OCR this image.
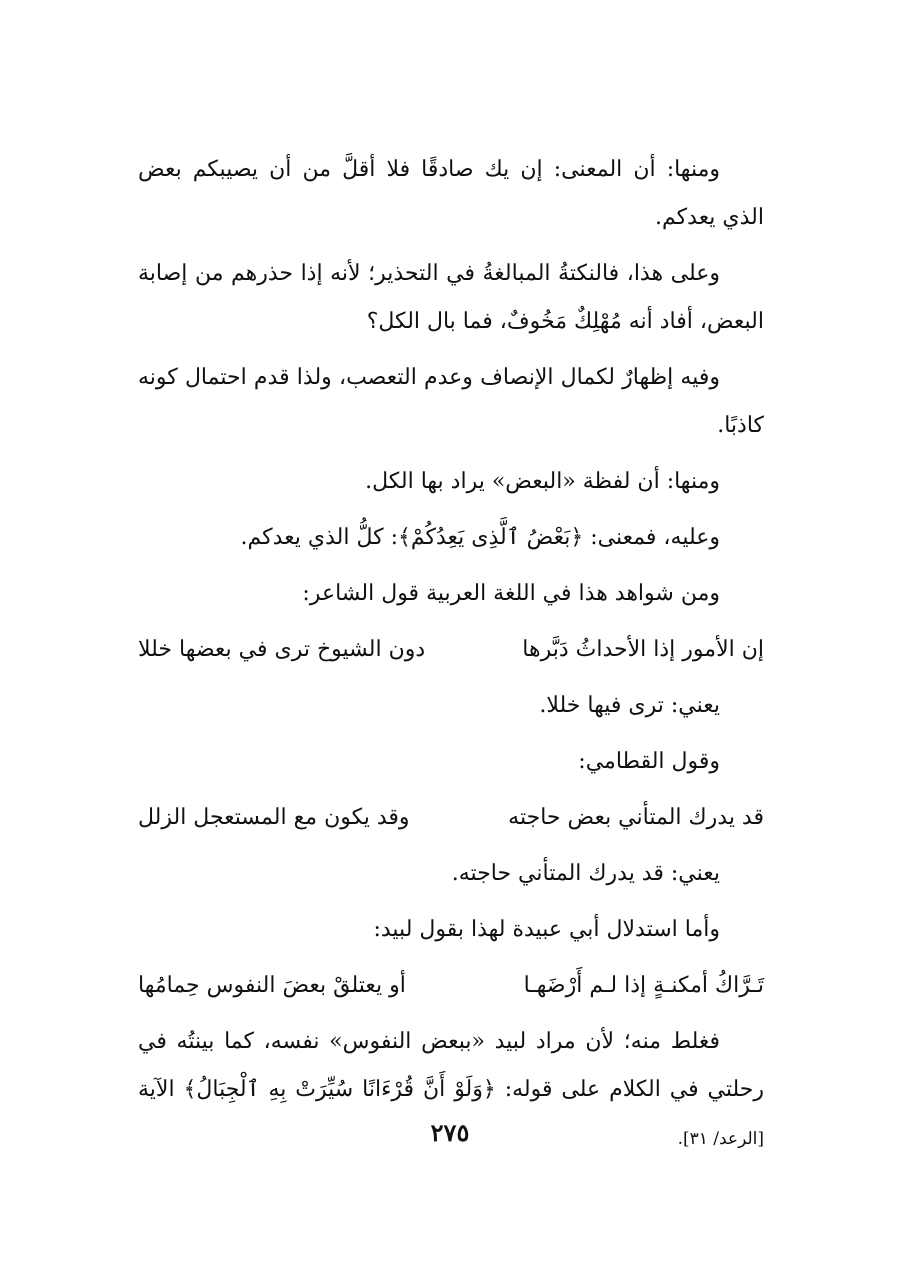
ومنها: أن المعنى: إن يك صادقًا فلا أقلَّ من أن يصيبكم بعض الذي يعدكم.

وعلى هذا، فالنكتةُ المبالغةُ في التحذير؛ لأنه إذا حذرهم من إصابة البعض، أفاد أنه مُهْلِكٌ مَخُوفٌ، فما بال الكل؟

وفيه إظهارٌ لكمال الإنصاف وعدم التعصب، ولذا قدم احتمال كونه كاذبًا.

ومنها: أن لفظة «البعض» يراد بها الكل.

وعليه، فمعنى: ﴿بَعْضُ ٱلَّذِى يَعِدُكُمْ﴾: كلُّ الذي يعدكم.

ومن شواهد هذا في اللغة العربية قول الشاعر:

إن الأمور إذا الأحداثُ دَبَّرها
دون الشيوخ ترى في بعضها خللا

يعني: ترى فيها خللا.

وقول القطامي:

قد يدرك المتأني بعض حاجته
وقد يكون مع المستعجل الزلل

يعني: قد يدرك المتأني حاجته.

وأما استدلال أبي عبيدة لهذا بقول لبيد:

تَـرَّاكُ أمكنـةٍ إذا لـم أَرْضَهـا
أو يعتلقْ بعضَ النفوس حِمامُها

فغلط منه؛ لأن مراد لبيد «ببعض النفوس» نفسه، كما بينتُه في رحلتي في الكلام على قوله: ﴿وَلَوْ أَنَّ قُرْءَانًا سُيِّرَتْ بِهِ ٱلْجِبَالُ﴾ الآية [الرعد/ ٣١].

٢٧٥
